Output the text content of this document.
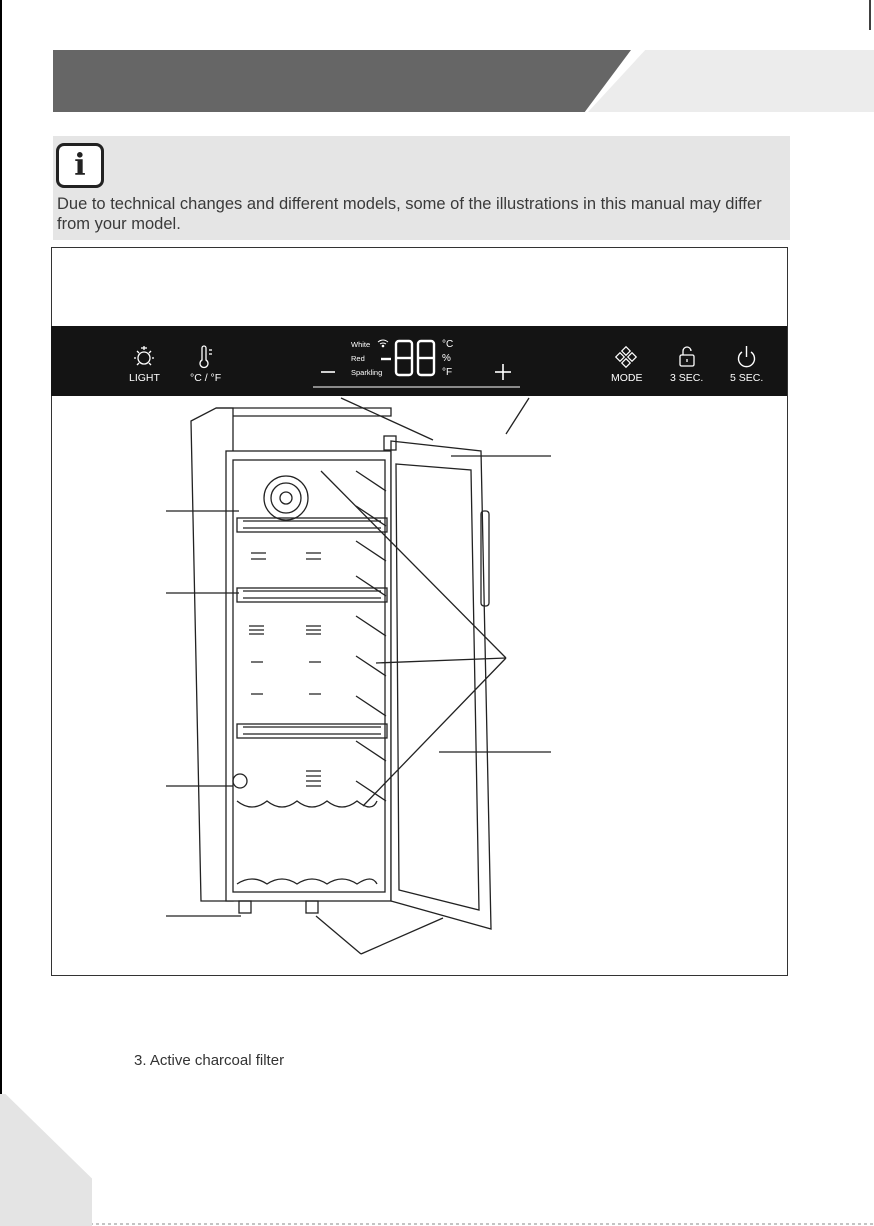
i

Due to technical changes and different models, some of the illustrations in this manual may differ from your model.

LIGHT	°C / °F
White
Red
Sparkling
°C
%
°F	MODE	3 SEC.	5 SEC.

3. Active charcoal filter
